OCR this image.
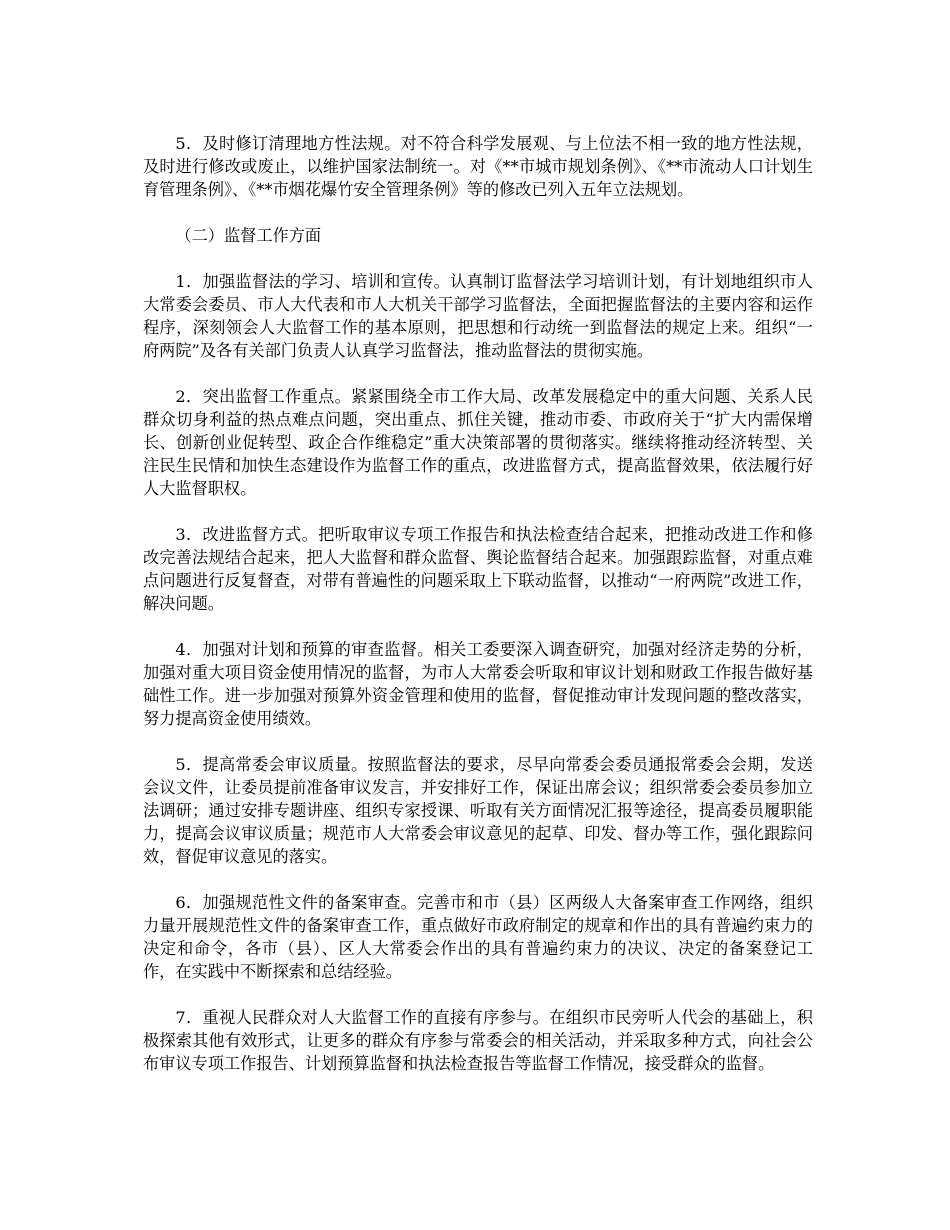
5．及时修订清理地方性法规。对不符合科学发展观、与上位法不相一致的地方性法规，及时进行修改或废止，以维护国家法制统一。对《**市城市规划条例》、《**市流动人口计划生育管理条例》、《**市烟花爆竹安全管理条例》等的修改已列入五年立法规划。

（二）监督工作方面

1．加强监督法的学习、培训和宣传。认真制订监督法学习培训计划，有计划地组织市人大常委会委员、市人大代表和市人大机关干部学习监督法，全面把握监督法的主要内容和运作程序，深刻领会人大监督工作的基本原则，把思想和行动统一到监督法的规定上来。组织“一府两院”及各有关部门负责人认真学习监督法，推动监督法的贯彻实施。

2．突出监督工作重点。紧紧围绕全市工作大局、改革发展稳定中的重大问题、关系人民群众切身利益的热点难点问题，突出重点、抓住关键，推动市委、市政府关于“扩大内需保增长、创新创业促转型、政企合作维稳定”重大决策部署的贯彻落实。继续将推动经济转型、关注民生民情和加快生态建设作为监督工作的重点，改进监督方式，提高监督效果，依法履行好人大监督职权。

3．改进监督方式。把听取审议专项工作报告和执法检查结合起来，把推动改进工作和修改完善法规结合起来，把人大监督和群众监督、舆论监督结合起来。加强跟踪监督，对重点难点问题进行反复督查，对带有普遍性的问题采取上下联动监督，以推动“一府两院”改进工作，解决问题。

4．加强对计划和预算的审查监督。相关工委要深入调查研究，加强对经济走势的分析，加强对重大项目资金使用情况的监督，为市人大常委会听取和审议计划和财政工作报告做好基础性工作。进一步加强对预算外资金管理和使用的监督，督促推动审计发现问题的整改落实，努力提高资金使用绩效。

5．提高常委会审议质量。按照监督法的要求，尽早向常委会委员通报常委会会期，发送会议文件，让委员提前准备审议发言，并安排好工作，保证出席会议；组织常委会委员参加立法调研；通过安排专题讲座、组织专家授课、听取有关方面情况汇报等途径，提高委员履职能力，提高会议审议质量；规范市人大常委会审议意见的起草、印发、督办等工作，强化跟踪问效，督促审议意见的落实。

6．加强规范性文件的备案审查。完善市和市（县）区两级人大备案审查工作网络，组织力量开展规范性文件的备案审查工作，重点做好市政府制定的规章和作出的具有普遍约束力的决定和命令，各市（县）、区人大常委会作出的具有普遍约束力的决议、决定的备案登记工作，在实践中不断探索和总结经验。

7．重视人民群众对人大监督工作的直接有序参与。在组织市民旁听人代会的基础上，积极探索其他有效形式，让更多的群众有序参与常委会的相关活动，并采取多种方式，向社会公布审议专项工作报告、计划预算监督和执法检查报告等监督工作情况，接受群众的监督。
